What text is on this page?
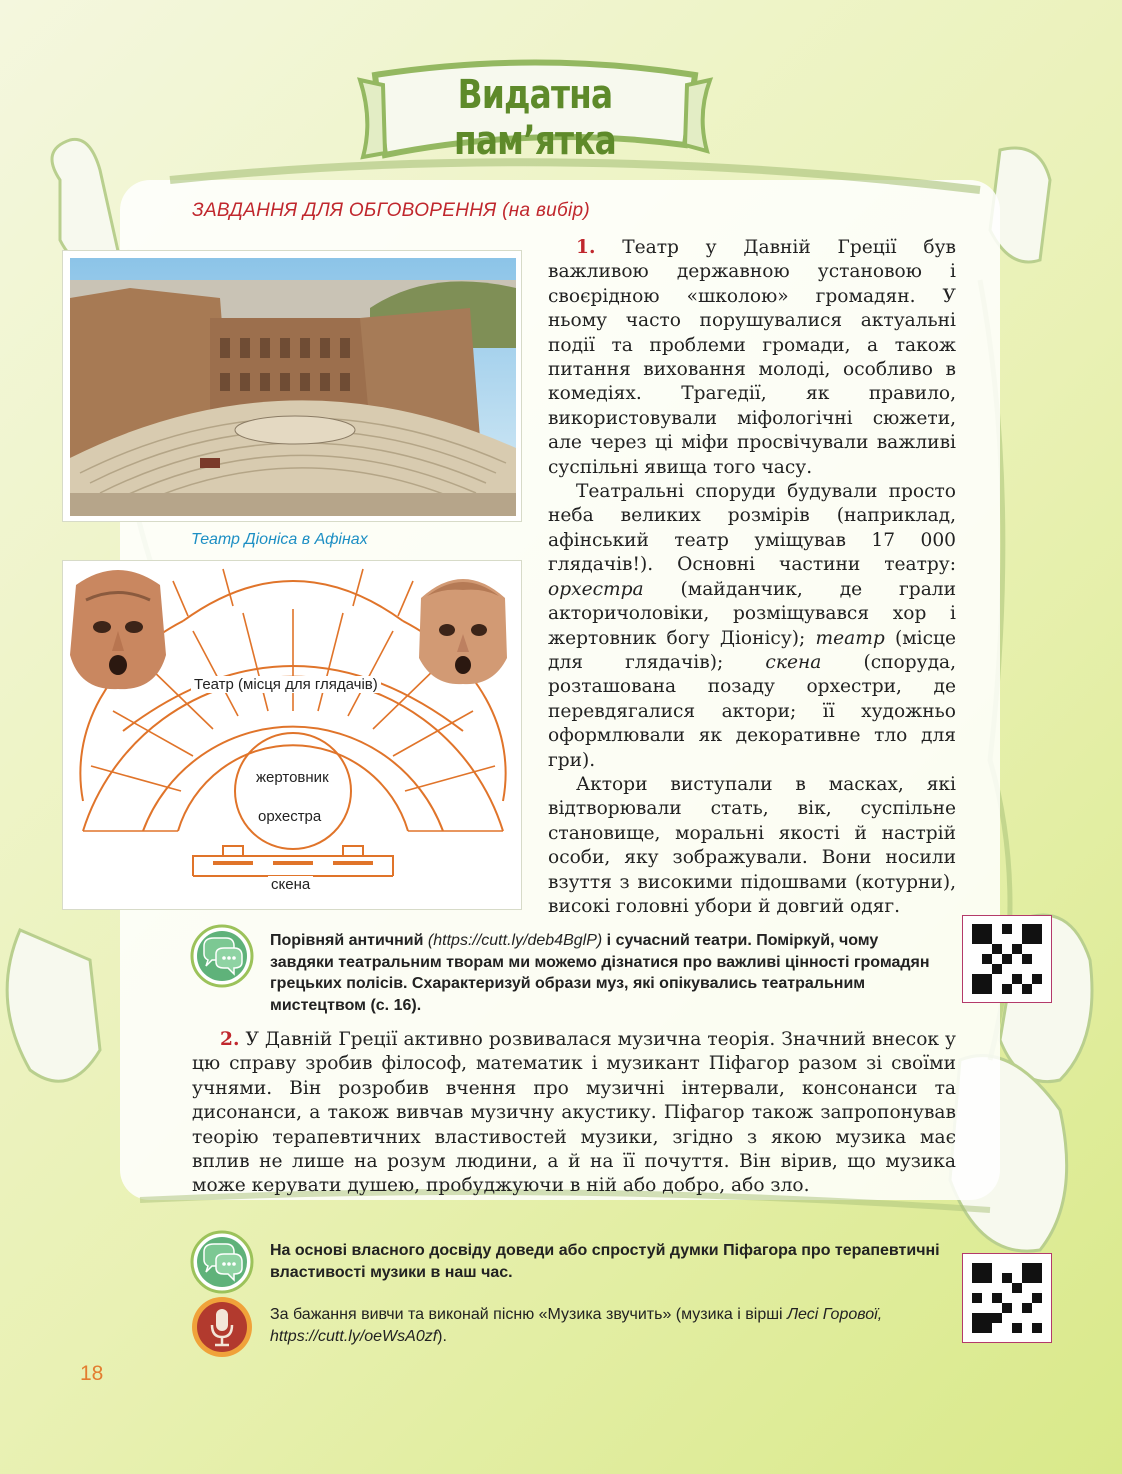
Видатна пам’ятка
ЗАВДАННЯ ДЛЯ ОБГОВОРЕННЯ (на вибір)
Театр Діоніса в Афінах
Театр (місця для глядачів)
жертовник
орхестра
скена

1. Театр у Давній Греції був важливою державною установою і своєрідною «школою» громадян. У ньому часто порушувалися актуальні події та проблеми громади, а також питання виховання молоді, особливо в комедіях. Трагедії, як правило, використовували міфологічні сюжети, але через ці міфи просвічували важливі суспільні явища того часу.

Театральні споруди будували просто неба великих розмірів (наприклад, афінський театр уміщував 17 000 глядачів!). Основні частини театру: орхестра (майданчик, де грали акторичоловіки, розміщувався хор і жертовник богу Діонісу); театр (місце для глядачів); скена (споруда, розташована позаду орхестри, де перевдягалися актори; її художньо оформлювали як декоративне тло для гри).

Актори виступали в масках, які відтворювали стать, вік, суспільне становище, моральні якості й настрій особи, яку зображували. Вони носили взуття з високими підошвами (котурни), високі головні убори й довгий одяг.

Порівняй античний (https://cutt.ly/deb4BglP) і сучасний театри. Поміркуй, чому завдяки театральним творам ми можемо дізнатися про важливі цінності громадян грецьких полісів. Схарактеризуй образи муз, які опікувались театральним мистецтвом (с. 16).

2. У Давній Греції активно розвивалася музична теорія. Значний внесок у цю справу зробив філософ, математик і музикант Піфагор разом зі своїми учнями. Він розробив вчення про музичні інтервали, консонанси та дисонанси, а також вивчав музичну акустику. Піфагор також запропонував теорію терапевтичних властивостей музики, згідно з якою музика має вплив не лише на розум людини, а й на її почуття. Він вірив, що музика може керувати душею, пробуджуючи в ній або добро, або зло.

На основі власного досвіду доведи або спростуй думки Піфагора про терапевтичні властивості музики в наш час.
За бажання вивчи та виконай пісню «Музика звучить» (музика і вірші Лесі Горової, https://cutt.ly/oeWsA0zf).
18
